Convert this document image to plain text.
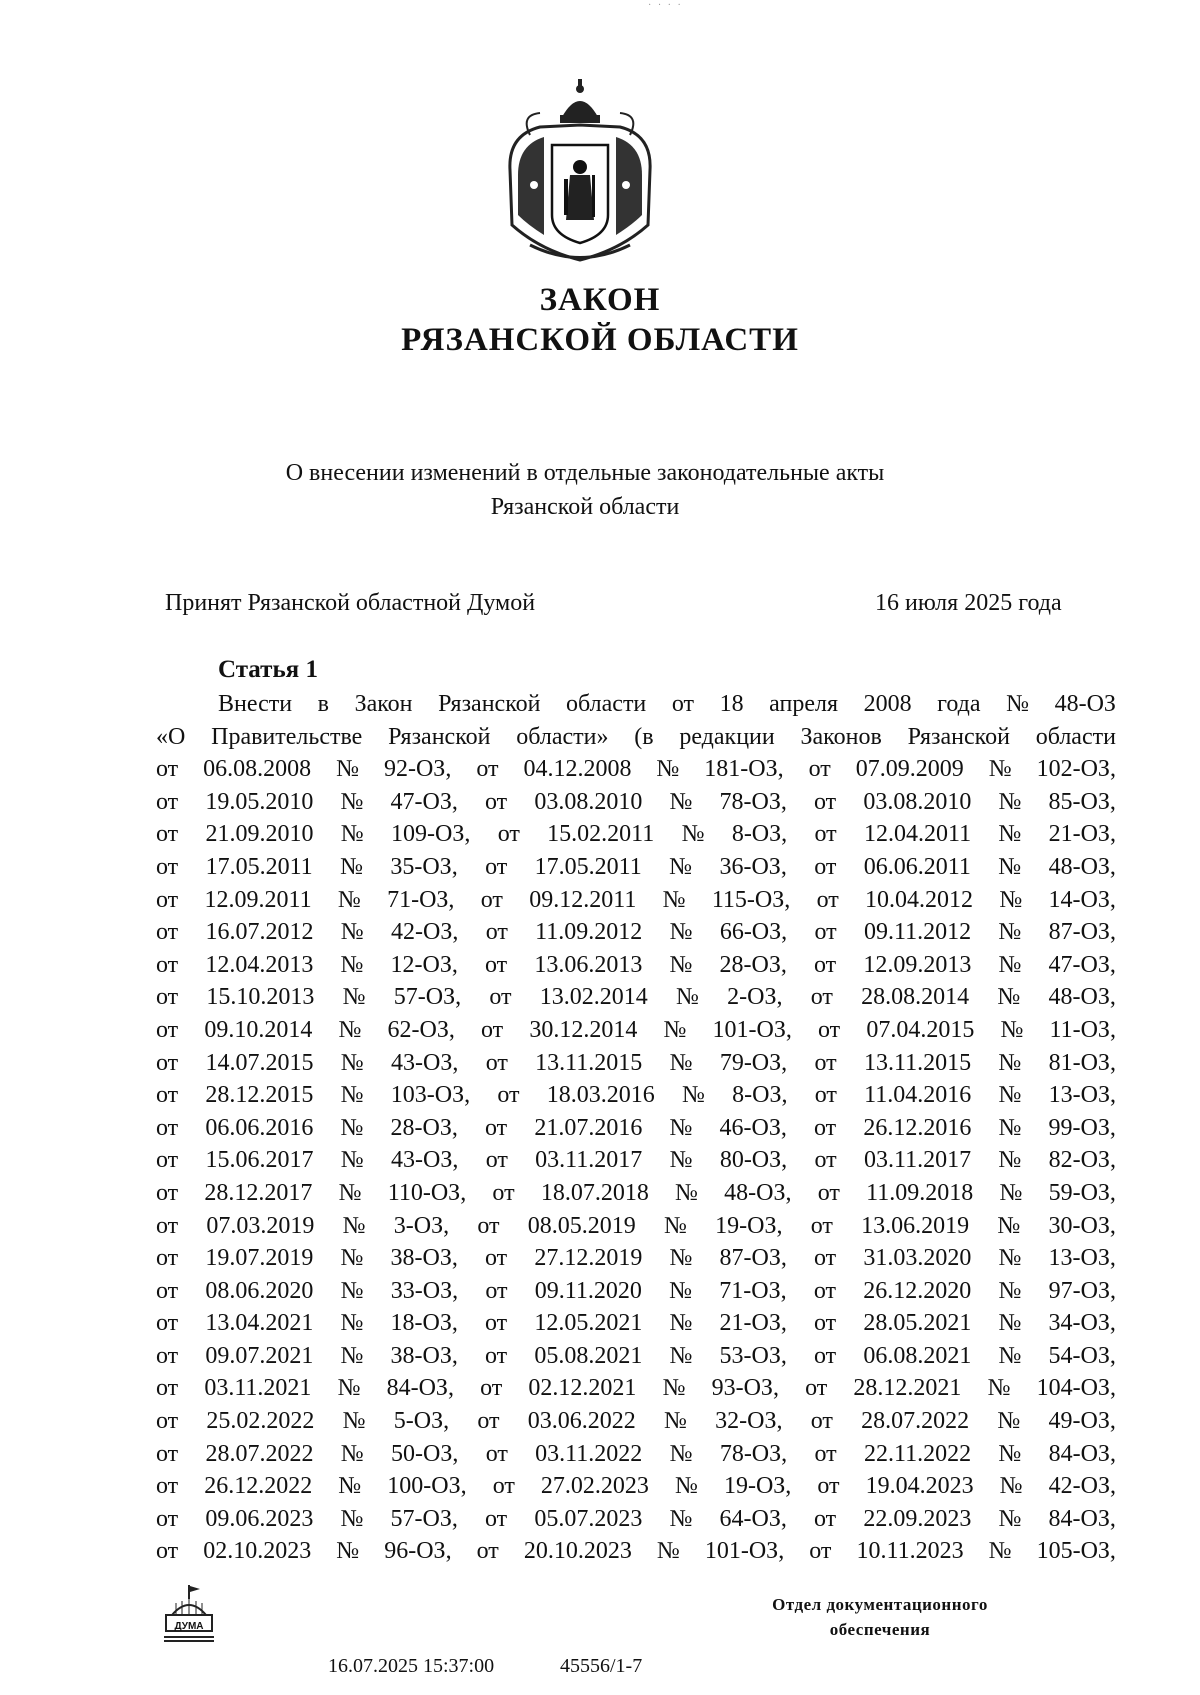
· · · ·
ЗАКОН
РЯЗАНСКОЙ ОБЛАСТИ
О внесении изменений в отдельные законодательные акты
Рязанской области
Принят Рязанской областной Думой	16 июля 2025 года
Статья 1
Внести в Закон Рязанской области от 18 апреля 2008 года № 48-ОЗ
«О Правительстве Рязанской области» (в редакции Законов Рязанской области
от 06.08.2008 № 92-ОЗ, от 04.12.2008 № 181-ОЗ, от 07.09.2009 № 102-ОЗ,
от 19.05.2010 № 47-ОЗ, от 03.08.2010 № 78-ОЗ, от 03.08.2010 № 85-ОЗ,
от 21.09.2010 № 109-ОЗ, от 15.02.2011 № 8-ОЗ, от 12.04.2011 № 21-ОЗ,
от 17.05.2011 № 35-ОЗ, от 17.05.2011 № 36-ОЗ, от 06.06.2011 № 48-ОЗ,
от 12.09.2011 № 71-ОЗ, от 09.12.2011 № 115-ОЗ, от 10.04.2012 № 14-ОЗ,
от 16.07.2012 № 42-ОЗ, от 11.09.2012 № 66-ОЗ, от 09.11.2012 № 87-ОЗ,
от 12.04.2013 № 12-ОЗ, от 13.06.2013 № 28-ОЗ, от 12.09.2013 № 47-ОЗ,
от 15.10.2013 № 57-ОЗ, от 13.02.2014 № 2-ОЗ, от 28.08.2014 № 48-ОЗ,
от 09.10.2014 № 62-ОЗ, от 30.12.2014 № 101-ОЗ, от 07.04.2015 № 11-ОЗ,
от 14.07.2015 № 43-ОЗ, от 13.11.2015 № 79-ОЗ, от 13.11.2015 № 81-ОЗ,
от 28.12.2015 № 103-ОЗ, от 18.03.2016 № 8-ОЗ, от 11.04.2016 № 13-ОЗ,
от 06.06.2016 № 28-ОЗ, от 21.07.2016 № 46-ОЗ, от 26.12.2016 № 99-ОЗ,
от 15.06.2017 № 43-ОЗ, от 03.11.2017 № 80-ОЗ, от 03.11.2017 № 82-ОЗ,
от 28.12.2017 № 110-ОЗ, от 18.07.2018 № 48-ОЗ, от 11.09.2018 № 59-ОЗ,
от 07.03.2019 № 3-ОЗ, от 08.05.2019 № 19-ОЗ, от 13.06.2019 № 30-ОЗ,
от 19.07.2019 № 38-ОЗ, от 27.12.2019 № 87-ОЗ, от 31.03.2020 № 13-ОЗ,
от 08.06.2020 № 33-ОЗ, от 09.11.2020 № 71-ОЗ, от 26.12.2020 № 97-ОЗ,
от 13.04.2021 № 18-ОЗ, от 12.05.2021 № 21-ОЗ, от 28.05.2021 № 34-ОЗ,
от 09.07.2021 № 38-ОЗ, от 05.08.2021 № 53-ОЗ, от 06.08.2021 № 54-ОЗ,
от 03.11.2021 № 84-ОЗ, от 02.12.2021 № 93-ОЗ, от 28.12.2021 № 104-ОЗ,
от 25.02.2022 № 5-ОЗ, от 03.06.2022 № 32-ОЗ, от 28.07.2022 № 49-ОЗ,
от 28.07.2022 № 50-ОЗ, от 03.11.2022 № 78-ОЗ, от 22.11.2022 № 84-ОЗ,
от 26.12.2022 № 100-ОЗ, от 27.02.2023 № 19-ОЗ, от 19.04.2023 № 42-ОЗ,
от 09.06.2023 № 57-ОЗ, от 05.07.2023 № 64-ОЗ, от 22.09.2023 № 84-ОЗ,
от 02.10.2023 № 96-ОЗ, от 20.10.2023 № 101-ОЗ, от 10.11.2023 № 105-ОЗ,
ДУМА
16.07.2025 15:37:00	45556/1-7
Отдел документационного
обеспечения
